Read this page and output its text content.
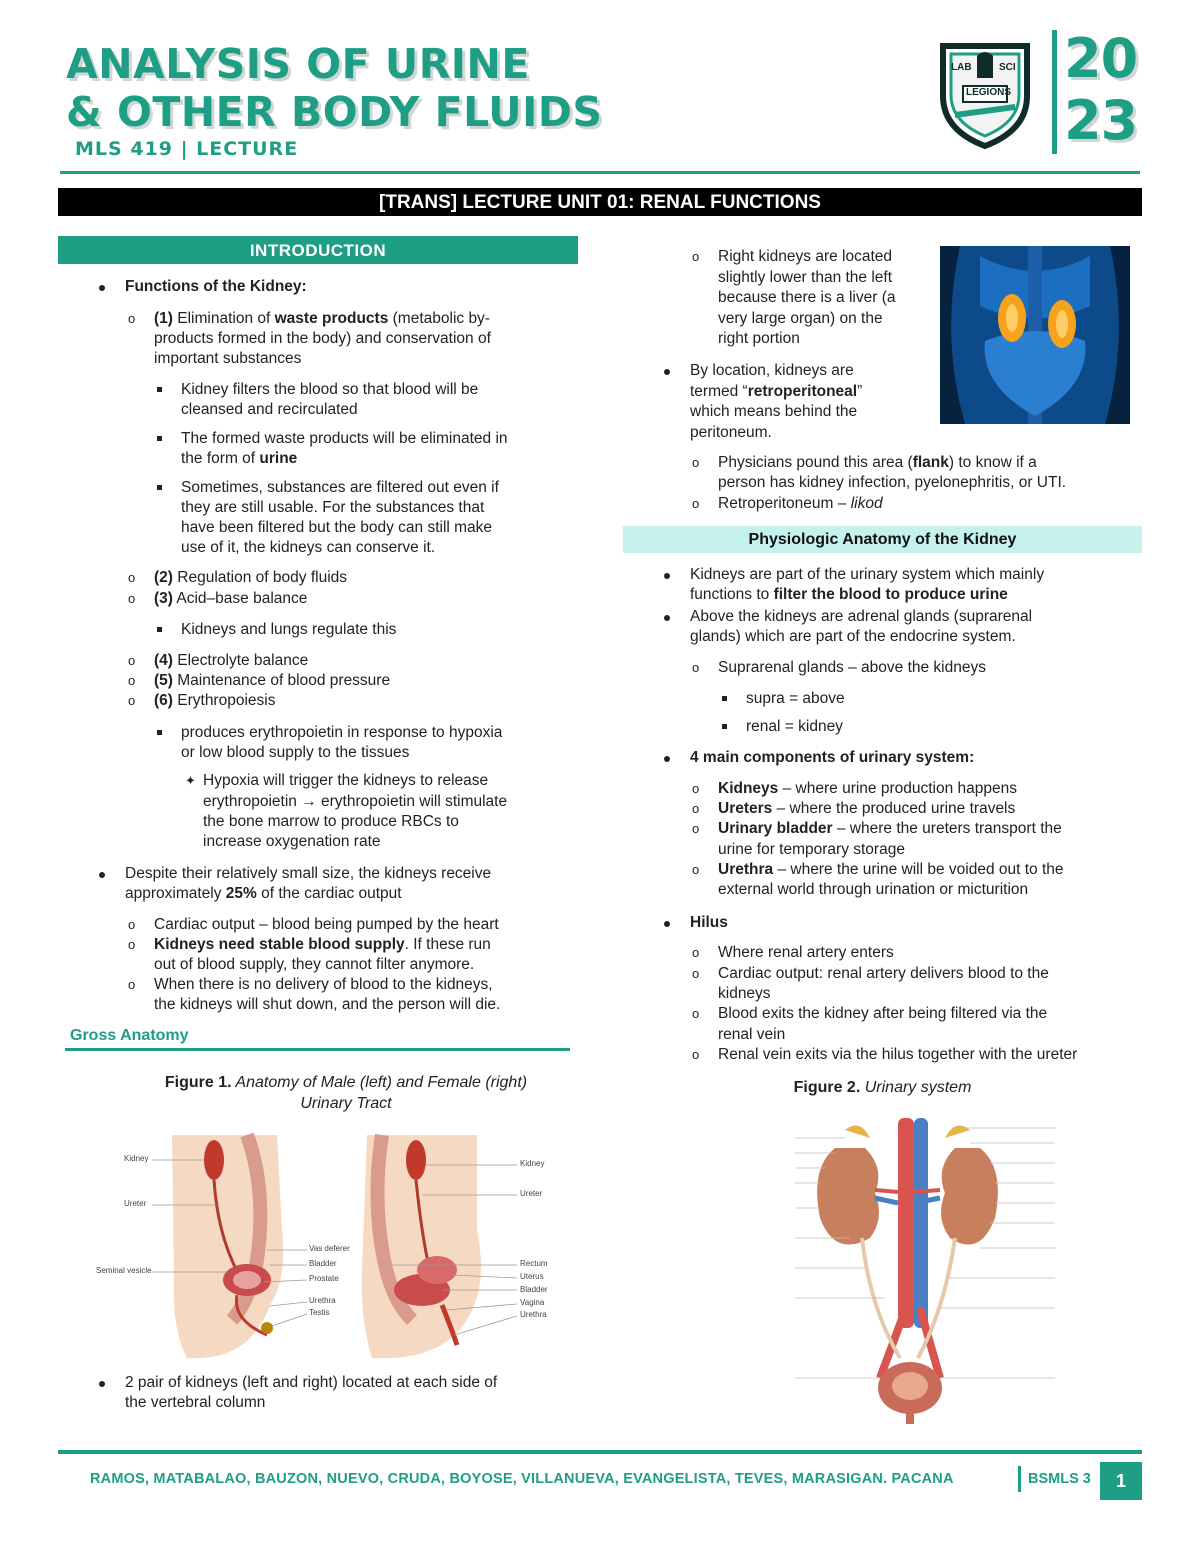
ANALYSIS OF URINE
& OTHER BODY FLUIDS
MLS 419 | LECTURE
LAB	SCI
LEGIONS
20
23
[TRANS] LECTURE UNIT 01: RENAL FUNCTIONS
INTRODUCTION
Functions of the Kidney:
o (1) Elimination of waste products (metabolic by-
products formed in the body) and conservation of
important substances
Kidney filters the blood so that blood will be
cleansed and recirculated
The formed waste products will be eliminated in
the form of urine
Sometimes, substances are filtered out even if
they are still usable. For the substances that
have been filtered but the body can still make
use of it, the kidneys can conserve it.
o (2) Regulation of body fluids
o (3) Acid–base balance
Kidneys and lungs regulate this
o (4) Electrolyte balance
o (5) Maintenance of blood pressure
o (6) Erythropoiesis
produces erythropoietin in response to hypoxia
or low blood supply to the tissues
✦ Hypoxia will trigger the kidneys to release
erythropoietin → erythropoietin will stimulate
the bone marrow to produce RBCs to
increase oxygenation rate
Despite their relatively small size, the kidneys receive
approximately 25% of the cardiac output
o Cardiac output – blood being pumped by the heart
o Kidneys need stable blood supply. If these run
out of blood supply, they cannot filter anymore.
o When there is no delivery of blood to the kidneys,
the kidneys will shut down, and the person will die.
Gross Anatomy
Figure 1. Anatomy of Male (left) and Female (right)
Urinary Tract
Kidney
Ureter
Seminal vesicle
Vas deferer
Bladder
Prostate
Urethra
Testis
Kidney
Ureter
Rectum
Uterus
Bladder
Vagina
Urethra
2 pair of kidneys (left and right) located at each side of
the vertebral column
o Right kidneys are located
slightly lower than the left
because there is a liver (a
very large organ) on the
right portion
By location, kidneys are
termed “retroperitoneal”
which means behind the
peritoneum.
o Physicians pound this area (flank) to know if a
person has kidney infection, pyelonephritis, or UTI.
o Retroperitoneum – likod
Physiologic Anatomy of the Kidney
Kidneys are part of the urinary system which mainly
functions to filter the blood to produce urine
Above the kidneys are adrenal glands (suprarenal
glands) which are part of the endocrine system.
o Suprarenal glands – above the kidneys
supra = above
renal = kidney
4 main components of urinary system:
o Kidneys – where urine production happens
o Ureters – where the produced urine travels
o Urinary bladder – where the ureters transport the
urine for temporary storage
o Urethra – where the urine will be voided out to the
external world through urination or micturition
Hilus
o Where renal artery enters
o Cardiac output: renal artery delivers blood to the
kidneys
o Blood exits the kidney after being filtered via the
renal vein
o Renal vein exits via the hilus together with the ureter
Figure 2. Urinary system
RAMOS, MATABALAO, BAUZON, NUEVO, CRUDA, BOYOSE, VILLANUEVA, EVANGELISTA, TEVES, MARASIGAN. PACANA	BSMLS 3	1
